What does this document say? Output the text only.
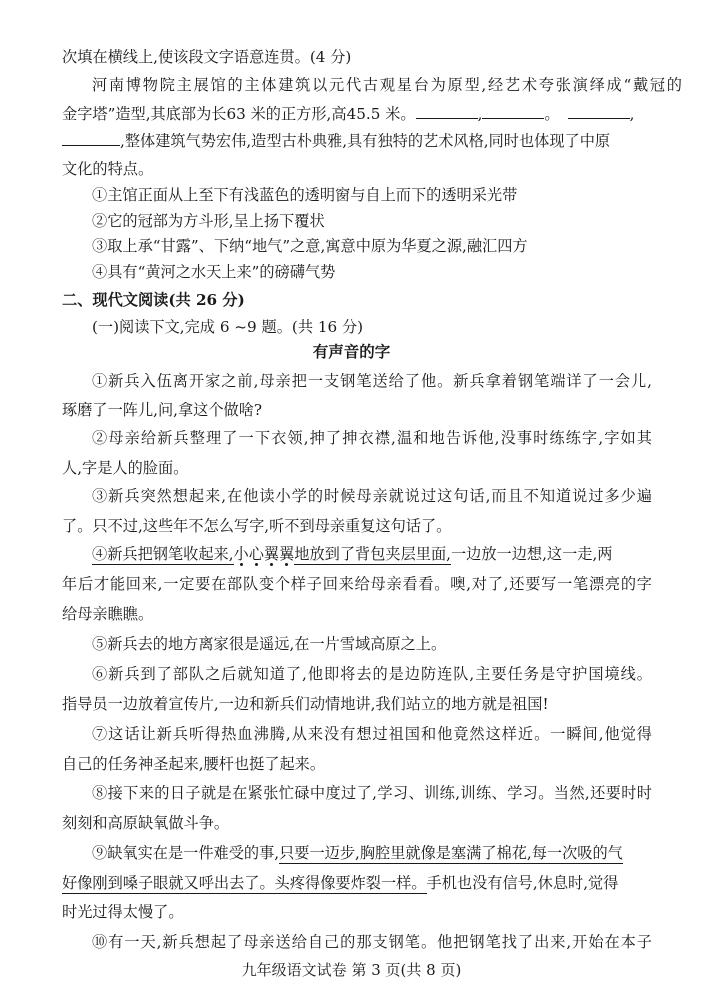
次填在横线上,使该段文字语意连贯。(4 分)
河南博物院主展馆的主体建筑以元代古观星台为原型,经艺术夸张演绎成“戴冠的
金字塔”造型,其底部为长63 米的正方形,高45.5 米。	,	。	,
,整体建筑气势宏伟,造型古朴典雅,具有独特的艺术风格,同时也体现了中原
文化的特点。
①主馆正面从上至下有浅蓝色的透明窗与自上而下的透明采光带
②它的冠部为方斗形,呈上扬下覆状
③取上承“甘露”、下纳“地气”之意,寓意中原为华夏之源,融汇四方
④具有“黄河之水天上来”的磅礴气势
二、现代文阅读(共 26 分)
(一)阅读下文,完成 6 ~9 题。(共 16 分)
有声音的字
①新兵入伍离开家之前,母亲把一支钢笔送给了他。新兵拿着钢笔端详了一会儿,
琢磨了一阵儿,问,拿这个做啥?
②母亲给新兵整理了一下衣领,抻了抻衣襟,温和地告诉他,没事时练练字,字如其
人,字是人的脸面。
③新兵突然想起来,在他读小学的时候母亲就说过这句话,而且不知道说过多少遍
了。只不过,这些年不怎么写字,听不到母亲重复这句话了。
④新兵把钢笔收起来,小心翼翼地放到了背包夹层里面,一边放一边想,这一走,两
年后才能回来,一定要在部队变个样子回来给母亲看看。噢,对了,还要写一笔漂亮的字
给母亲瞧瞧。
⑤新兵去的地方离家很是遥远,在一片雪域高原之上。
⑥新兵到了部队之后就知道了,他即将去的是边防连队,主要任务是守护国境线。
指导员一边放着宣传片,一边和新兵们动情地讲,我们站立的地方就是祖国!
⑦这话让新兵听得热血沸腾,从来没有想过祖国和他竟然这样近。一瞬间,他觉得
自己的任务神圣起来,腰杆也挺了起来。
⑧接下来的日子就是在紧张忙碌中度过了,学习、训练,训练、学习。当然,还要时时
刻刻和高原缺氧做斗争。
⑨缺氧实在是一件难受的事,只要一迈步,胸腔里就像是塞满了棉花,每一次吸的气
九年级语文试卷 第 3 页(共 8 页)
好像刚到嗓子眼就又呼出去了。头疼得像要炸裂一样。手机也没有信号,休息时,觉得
时光过得太慢了。
⑩有一天,新兵想起了母亲送给自己的那支钢笔。他把钢笔找了出来,开始在本子
